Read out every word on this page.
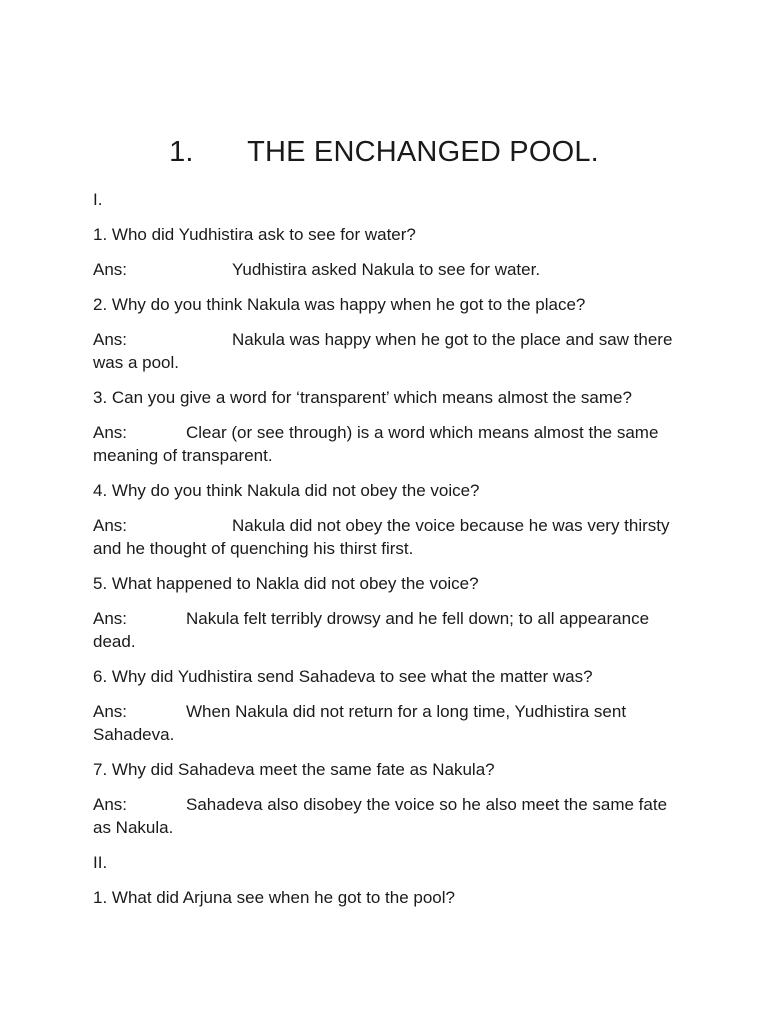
1. THE ENCHANGED POOL.
I.
1. Who did Yudhistira ask to see for water?
Ans:	Yudhistira asked Nakula to see for water.
2. Why do you think Nakula was happy when he got to the place?
Ans:	Nakula was happy when he got to the place and saw there was a pool.
3. Can you give a word for ‘transparent’ which means almost the same?
Ans:	Clear (or see through) is a word which means almost the same meaning of transparent.
4. Why do you think Nakula did not obey the voice?
Ans:	Nakula did not obey the voice because he was very thirsty and he thought of quenching his thirst first.
5. What happened to Nakla did not obey the voice?
Ans:	Nakula felt terribly drowsy and he fell down; to all appearance dead.
6. Why did Yudhistira send Sahadeva to see what the matter was?
Ans:	When Nakula did not return for a long time, Yudhistira sent Sahadeva.
7. Why did Sahadeva meet the same fate as Nakula?
Ans:	Sahadeva also disobey the voice so he also meet the same fate as Nakula.
II.
1. What did Arjuna see when he got to the pool?
